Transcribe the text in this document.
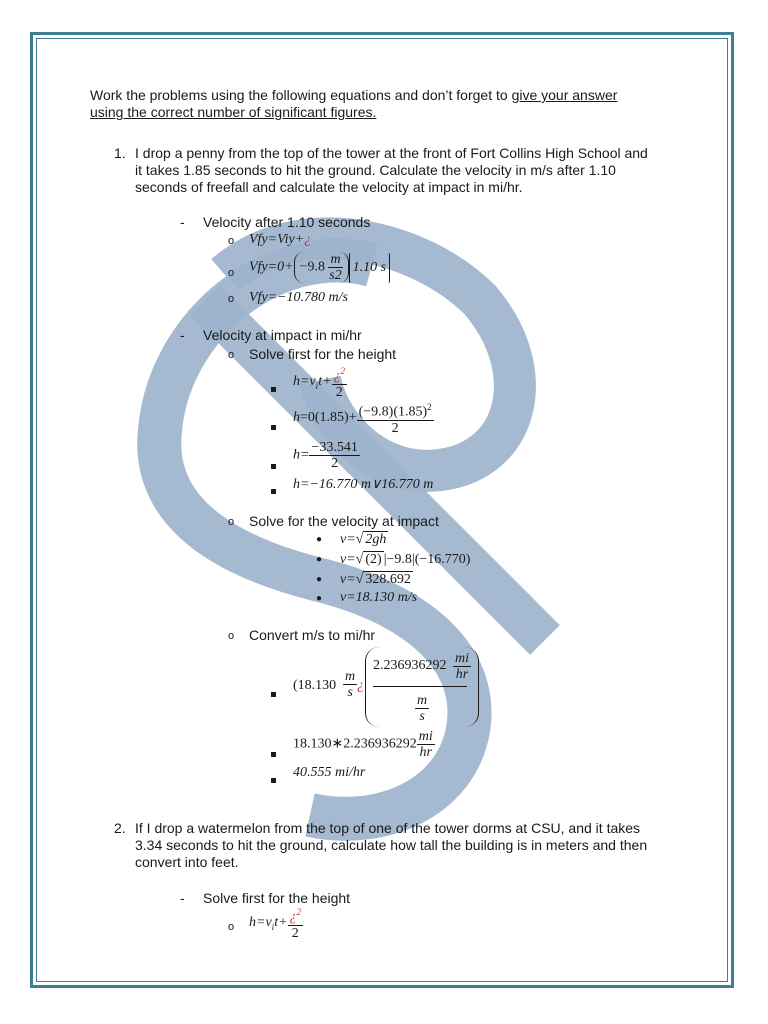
Work the problems using the following equations and don’t forget to give your answer
using the correct number of significant figures.
1. I drop a penny from the top of the tower at the front of Fort Collins High School and
it takes 1.85 seconds to hit the ground. Calculate the velocity in m/s after 1.10
seconds of freefall and calculate the velocity at impact in mi/hr.
- Velocity after 1.10 seconds
o Vfy=Viy+¿
o $Vfy=0+ -9.8 \frac{m}{s2} 1.10$ s
o Vfy=−10.780 m/s
- Velocity at impact in mi/hr
o Solve first for the height
$h=v_it+ \frac{¿^2}{2}$
$h=0(1.85)+ \frac{(-9.8)(1.85)^2}{2}$
$h= \frac{-33.541}{2}$
h=−16.770 m∨16.770 m
o Solve for the velocity at impact
● v=√ 2gh
● v=√ (2) |−9.8|(−16.770)
● v=√ 328.692
● v=18.130 m/s
o Convert m/s to mi/hr
($18.130 \frac{m}{s}$ ¿
$2.236936292 \frac{mi}{hr}$
$\frac{m}{s}$
18.130∗2.236936292 $\frac{mi}{hr}$
40.555 mi/hr
2. If I drop a watermelon from the top of one of the tower dorms at CSU, and it takes
3.34 seconds to hit the ground, calculate how tall the building is in meters and then
convert into feet.
- Solve first for the height
o $h=v_it+ \frac{¿^2}{2}$
